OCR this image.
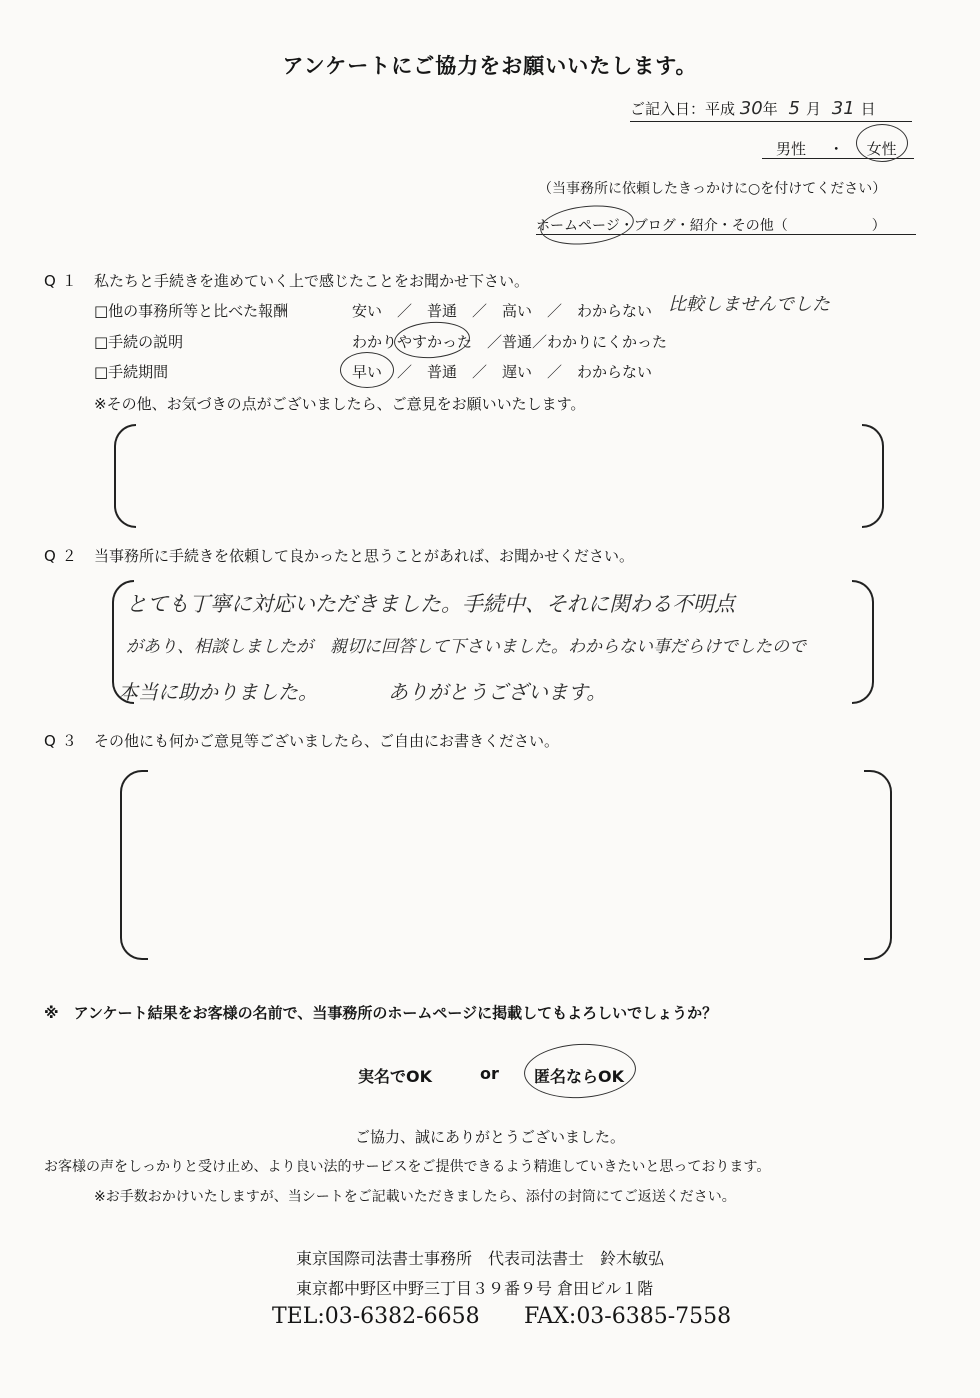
アンケートにご協力をお願いいたします。
ご記入日：平成 30年 5 月 31 日
男性 ・ 女性
（当事務所に依頼したきっかけに○を付けてください）
ホームページ・ブログ・紹介・その他（　　　　　　）
Q１ 私たちと手続きを進めていく上で感じたことをお聞かせ下さい。
□他の事務所等と比べた報酬	安い　／　普通　／　高い　／　わからない 比較しませんでした
□手続の説明	わかりやすかった　／普通／わかりにくかった
□手続期間	早い　／　普通　／　遅い　／　わからない
※その他、お気づきの点がございましたら、ご意見をお願いいたします。
Q２ 当事務所に手続きを依頼して良かったと思うことがあれば、お聞かせください。
とても丁寧に対応いただきました。手続中、それに関わる不明点
があり、相談しましたが　親切に回答して下さいました。わからない事だらけでしたので
本当に助かりました。　　　　ありがとうございます。
Q３ その他にも何かご意見等ございましたら、ご自由にお書きください。
※　アンケート結果をお客様の名前で、当事務所のホームページに掲載してもよろしいでしょうか？
実名でOK	or 匿名ならOK
ご協力、誠にありがとうございました。
お客様の声をしっかりと受け止め、より良い法的サービスをご提供できるよう精進していきたいと思っております。
※お手数おかけいたしますが、当シートをご記載いただきましたら、添付の封筒にてご返送ください。
東京国際司法書士事務所　代表司法書士　鈴木敏弘
東京都中野区中野三丁目３９番９号 倉田ビル１階
TEL:03-6382-6658 FAX:03-6385-7558
